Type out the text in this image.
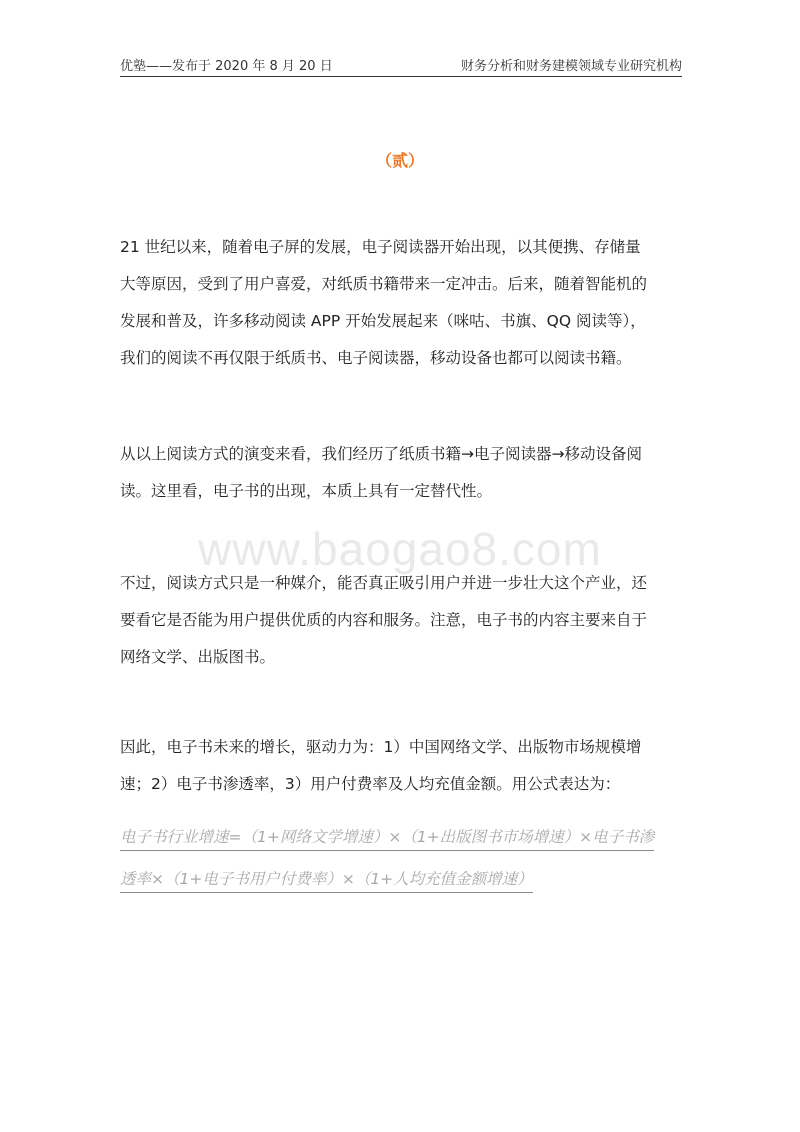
优塾——发布于 2020 年 8 月 20 日	财务分析和财务建模领域专业研究机构
www.baogao8.com
（贰）
21 世纪以来，随着电子屏的发展，电子阅读器开始出现，以其便携、存储量
大等原因，受到了用户喜爱，对纸质书籍带来一定冲击。后来，随着智能机的
发展和普及，许多移动阅读 APP 开始发展起来（咪咕、书旗、QQ 阅读等），
我们的阅读不再仅限于纸质书、电子阅读器，移动设备也都可以阅读书籍。
从以上阅读方式的演变来看，我们经历了纸质书籍→电子阅读器→移动设备阅
读。这里看，电子书的出现，本质上具有一定替代性。
不过，阅读方式只是一种媒介，能否真正吸引用户并进一步壮大这个产业，还
要看它是否能为用户提供优质的内容和服务。注意，电子书的内容主要来自于
网络文学、出版图书。
因此，电子书未来的增长，驱动力为：1）中国网络文学、出版物市场规模增
速；2）电子书渗透率，3）用户付费率及人均充值金额。用公式表达为：
电子书行业增速=（1+网络文学增速）×（1+出版图书市场增速）×电子书渗
透率×（1+电子书用户付费率）×（1+人均充值金额增速）
